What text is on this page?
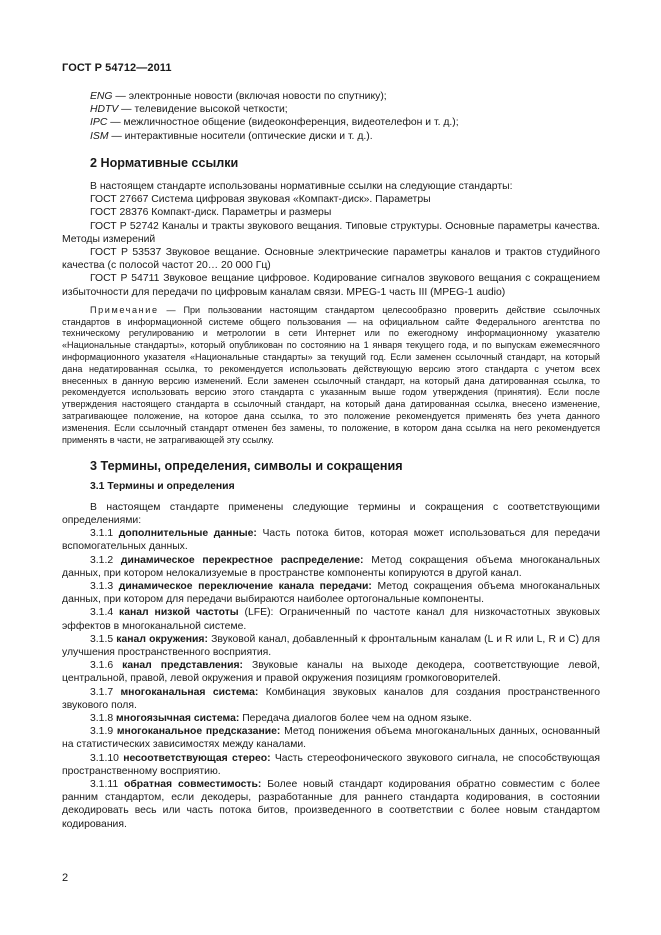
ГОСТ Р 54712—2011

ENG — электронные новости (включая новости по спутнику);

HDTV — телевидение высокой четкости;

IPC — межличностное общение (видеоконференция, видеотелефон и т. д.);

ISM — интерактивные носители (оптические диски и т. д.).

2 Нормативные ссылки

В настоящем стандарте использованы нормативные ссылки на следующие стандарты:

ГОСТ 27667 Система цифровая звуковая «Компакт-диск». Параметры

ГОСТ 28376 Компакт-диск. Параметры и размеры

ГОСТ Р 52742 Каналы и тракты звукового вещания. Типовые структуры. Основные параметры качества. Методы измерений

ГОСТ Р 53537 Звуковое вещание. Основные электрические параметры каналов и трактов студийного качества (с полосой частот 20… 20 000 Гц)

ГОСТ Р 54711 Звуковое вещание цифровое. Кодирование сигналов звукового вещания с сокращением избыточности для передачи по цифровым каналам связи. MPEG-1 часть III (MPEG-1 audio)

Примечание — При пользовании настоящим стандартом целесообразно проверить действие ссылочных стандартов в информационной системе общего пользования — на официальном сайте Федерального агентства по техническому регулированию и метрологии в сети Интернет или по ежегодному информационному указателю «Национальные стандарты», который опубликован по состоянию на 1 января текущего года, и по выпускам ежемесячного информационного указателя «Национальные стандарты» за текущий год. Если заменен ссылочный стандарт, на который дана недатированная ссылка, то рекомендуется использовать действующую версию этого стандарта с учетом всех внесенных в данную версию изменений. Если заменен ссылочный стандарт, на который дана датированная ссылка, то рекомендуется использовать версию этого стандарта с указанным выше годом утверждения (принятия). Если после утверждения настоящего стандарта в ссылочный стандарт, на который дана датированная ссылка, внесено изменение, затрагивающее положение, на которое дана ссылка, то это положение рекомендуется применять без учета данного изменения. Если ссылочный стандарт отменен без замены, то положение, в котором дана ссылка на него рекомендуется применять в части, не затрагивающей эту ссылку.

3 Термины, определения, символы и сокращения
3.1 Термины и определения

В настоящем стандарте применены следующие термины и сокращения с соответствующими определениями:

3.1.1 дополнительные данные: Часть потока битов, которая может использоваться для передачи вспомогательных данных.

3.1.2 динамическое перекрестное распределение: Метод сокращения объема многоканальных данных, при котором нелокализуемые в пространстве компоненты копируются в другой канал.

3.1.3 динамическое переключение канала передачи: Метод сокращения объема многоканальных данных, при котором для передачи выбираются наиболее ортогональные компоненты.

3.1.4 канал низкой частоты (LFE): Ограниченный по частоте канал для низкочастотных звуковых эффектов в многоканальной системе.

3.1.5 канал окружения: Звуковой канал, добавленный к фронтальным каналам (L и R или L, R и C) для улучшения пространственного восприятия.

3.1.6 канал представления: Звуковые каналы на выходе декодера, соответствующие левой, центральной, правой, левой окружения и правой окружения позициям громкоговорителей.

3.1.7 многоканальная система: Комбинация звуковых каналов для создания пространственного звукового поля.

3.1.8 многоязычная система: Передача диалогов более чем на одном языке.

3.1.9 многоканальное предсказание: Метод понижения объема многоканальных данных, основанный на статистических зависимостях между каналами.

3.1.10 несоответствующая стерео: Часть стереофонического звукового сигнала, не способствующая пространственному восприятию.

3.1.11 обратная совместимость: Более новый стандарт кодирования обратно совместим с более ранним стандартом, если декодеры, разработанные для раннего стандарта кодирования, в состоянии декодировать весь или часть потока битов, произведенного в соответствии с более новым стандартом кодирования.

2
